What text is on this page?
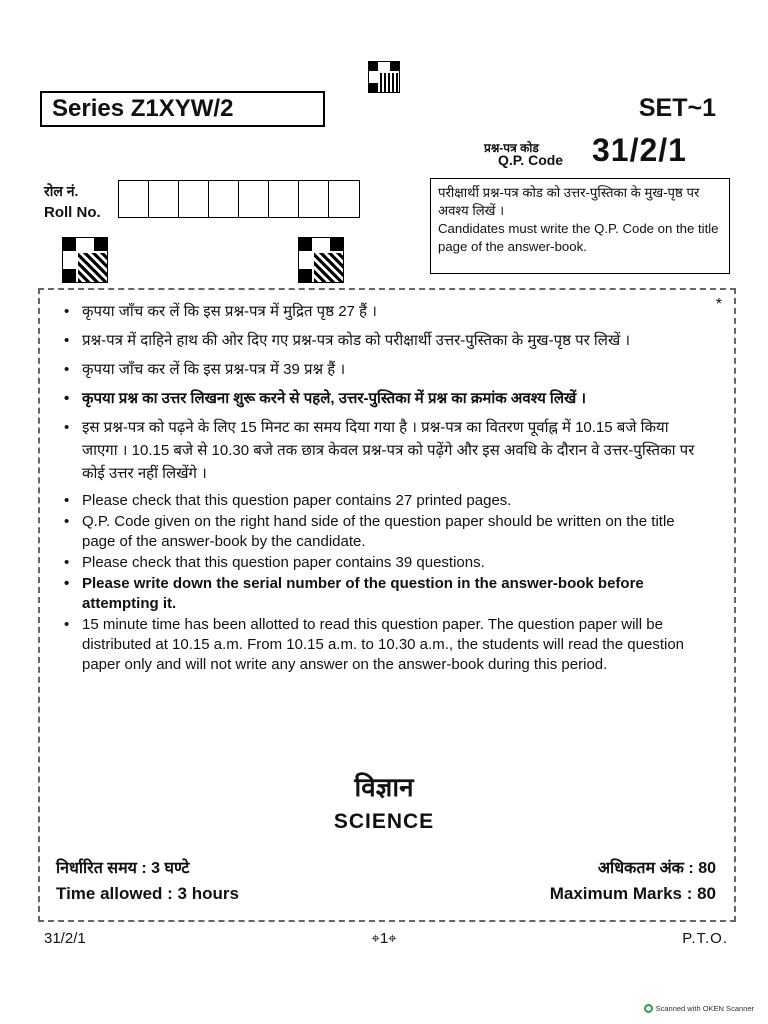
Series Z1XYW/2	SET~1
प्रश्न-पत्र कोड
Q.P. Code 31/2/1
रोल नं.
Roll No.

परीक्षार्थी प्रश्न-पत्र कोड को उत्तर-पुस्तिका के मुख-पृष्ठ पर अवश्य लिखें ।

Candidates must write the Q.P. Code on the title page of the answer-book.

*
• कृपया जाँच कर लें कि इस प्रश्न-पत्र में मुद्रित पृष्ठ 27 हैं ।
• प्रश्न-पत्र में दाहिने हाथ की ओर दिए गए प्रश्न-पत्र कोड को परीक्षार्थी उत्तर-पुस्तिका के मुख-पृष्ठ पर लिखें ।
• कृपया जाँच कर लें कि इस प्रश्न-पत्र में 39 प्रश्न हैं ।
• कृपया प्रश्न का उत्तर लिखना शुरू करने से पहले, उत्तर-पुस्तिका में प्रश्न का क्रमांक अवश्य लिखें ।
• इस प्रश्न-पत्र को पढ़ने के लिए 15 मिनट का समय दिया गया है । प्रश्न-पत्र का वितरण पूर्वाह्न में 10.15 बजे किया जाएगा । 10.15 बजे से 10.30 बजे तक छात्र केवल प्रश्न-पत्र को पढ़ेंगे और इस अवधि के दौरान वे उत्तर-पुस्तिका पर कोई उत्तर नहीं लिखेंगे ।
• Please check that this question paper contains 27 printed pages.
• Q.P. Code given on the right hand side of the question paper should be written on the title page of the answer-book by the candidate.
• Please check that this question paper contains 39 questions.
• Please write down the serial number of the question in the answer-book before attempting it.
• 15 minute time has been allotted to read this question paper. The question paper will be distributed at 10.15 a.m. From 10.15 a.m. to 10.30 a.m., the students will read the question paper only and will not write any answer on the answer-book during this period.
विज्ञान
SCIENCE
निर्धारित समय : 3 घण्टे
Time allowed : 3 hours
अधिकतम अंक : 80
Maximum Marks : 80
31/2/1	⌖1⌖	P.T.O.
Scanned with OKEN Scanner
